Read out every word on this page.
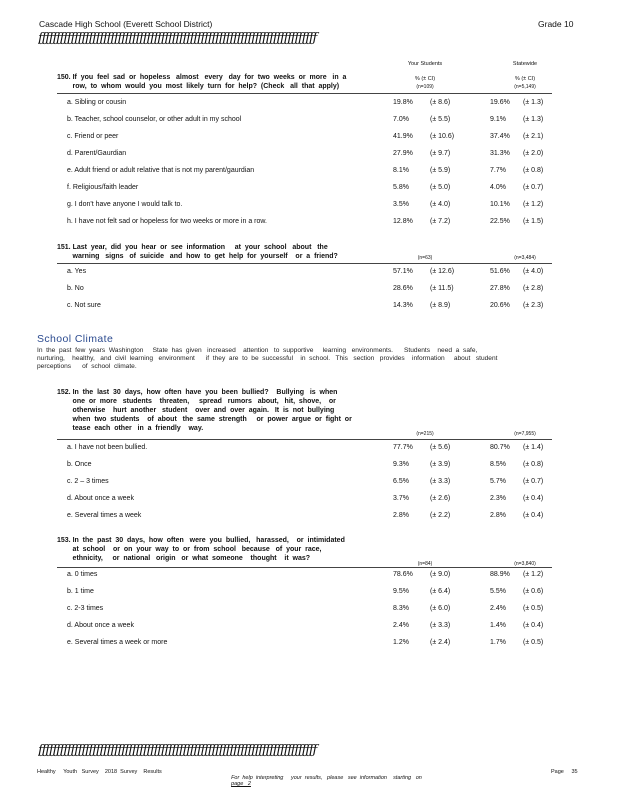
Cascade High School (Everett School District)	Grade 10
ƒƒƒƒƒƒƒƒƒƒƒƒƒƒƒƒƒƒƒƒƒƒƒƒƒƒƒƒƒƒƒƒƒƒƒƒƒƒƒƒƒƒƒƒƒƒƒƒƒƒƒƒƒƒƒƒƒƒƒƒƒƒƒƒƒƒƒƒƒƒƒƒƒƒƒƒƒ
Your Students	Statewide
150. If  you  feel  sad  or  hopeless   almost   every   day  for  two  weeks  or  more   in  a
row,  to  whom  would  you  most  likely  turn  for  help?  (Check   all  that  apply)
% (± CI)	% (± CI)
(n=109)	(n=5,149)
a. Sibling or cousin	19.8% (± 8.6)	19.6% (± 1.3)
b. Teacher, school counselor, or other adult in my school	7.0%	(± 5.5)	9.1% (± 1.3)
c. Friend or peer	41.9% (± 10.6)	37.4% (± 2.1)
d. Parent/Gaurdian	27.9% (± 9.7)	31.3% (± 2.0)
e. Adult friend or adult relative that is not my parent/gaurdian	8.1%	(± 5.9)	7.7% (± 0.8)
f. Religious/faith leader	5.8%	(± 5.0)	4.0% (± 0.7)
g. I don't have anyone I would talk to.	3.5%	(± 4.0)	10.1% (± 1.2)
h. I have not felt sad or hopeless for two weeks or more in a row.	12.8% (± 7.2)	22.5% (± 1.5)
151. Last  year,  did  you  hear  or  see  information     at  your  school   about   the
warning   signs   of  suicide   and  how  to  get  help  for  yourself    or  a  friend?	(n=63)	(n=3,484)
a. Yes	57.1% (± 12.6)	51.6% (± 4.0)
b. No	28.6% (± 11.5)	27.8% (± 2.8)
c. Not sure	14.3% (± 8.9)	20.6% (± 2.3)
School Climate
In  the  past  few  years  Washington     State  has  given   increased    attention   to  supportive     learning   environments.      Students    need  a  safe,
nurturing,    healthy,   and  civil  learning   environment      if  they  are  to  be  successful    in  school.   This   section   provides    information     about   student
perceptions      of  school  climate.
152. In  the  last  30  days,  how  often  have  you  been  bullied?    Bullying   is  when
one  or  more   students    threaten,     spread   rumors   about,   hit,  shove,    or
otherwise    hurt  another   student    over  and  over  again.   It  is  not  bullying
when  two  students    of  about   the  same  strength     or  power  argue  or  fight  or
tease  each  other   in  a  friendly    way.
(n=215)	(n=7,955)
a. I have not been bullied.	77.7% (± 5.6)	80.7% (± 1.4)
b. Once	9.3%	(± 3.9)	8.5% (± 0.8)
c. 2 – 3 times	6.5%	(± 3.3)	5.7% (± 0.7)
d. About once a week	3.7%	(± 2.6)	2.3% (± 0.4)
e. Several times a week	2.8%	(± 2.2)	2.8% (± 0.4)
153. In  the  past  30  days,  how  often   were  you  bullied,   harassed,    or  intimidated
at  school    or  on  your  way  to  or  from  school   because   of  your  race,
ethnicity,     or  national   origin   or  what  someone    thought    it  was?
(n=84)	(n=3,840)
a. 0 times	78.6% (± 9.0)	88.9% (± 1.2)
b. 1 time	9.5%	(± 6.4)	5.5% (± 0.6)
c. 2-3 times	8.3%	(± 6.0)	2.4% (± 0.5)
d. About once a week	2.4%	(± 3.3)	1.4% (± 0.4)
e. Several times a week or more	1.2%	(± 2.4)	1.7% (± 0.5)
ƒƒƒƒƒƒƒƒƒƒƒƒƒƒƒƒƒƒƒƒƒƒƒƒƒƒƒƒƒƒƒƒƒƒƒƒƒƒƒƒƒƒƒƒƒƒƒƒƒƒƒƒƒƒƒƒƒƒƒƒƒƒƒƒƒƒƒƒƒƒƒƒƒƒƒƒƒ
Healthy     Youth   Survey    2018  Survey    Results

For  help  interpreting     your  results,   please   see  information    starting   on
page   2

Page     35
